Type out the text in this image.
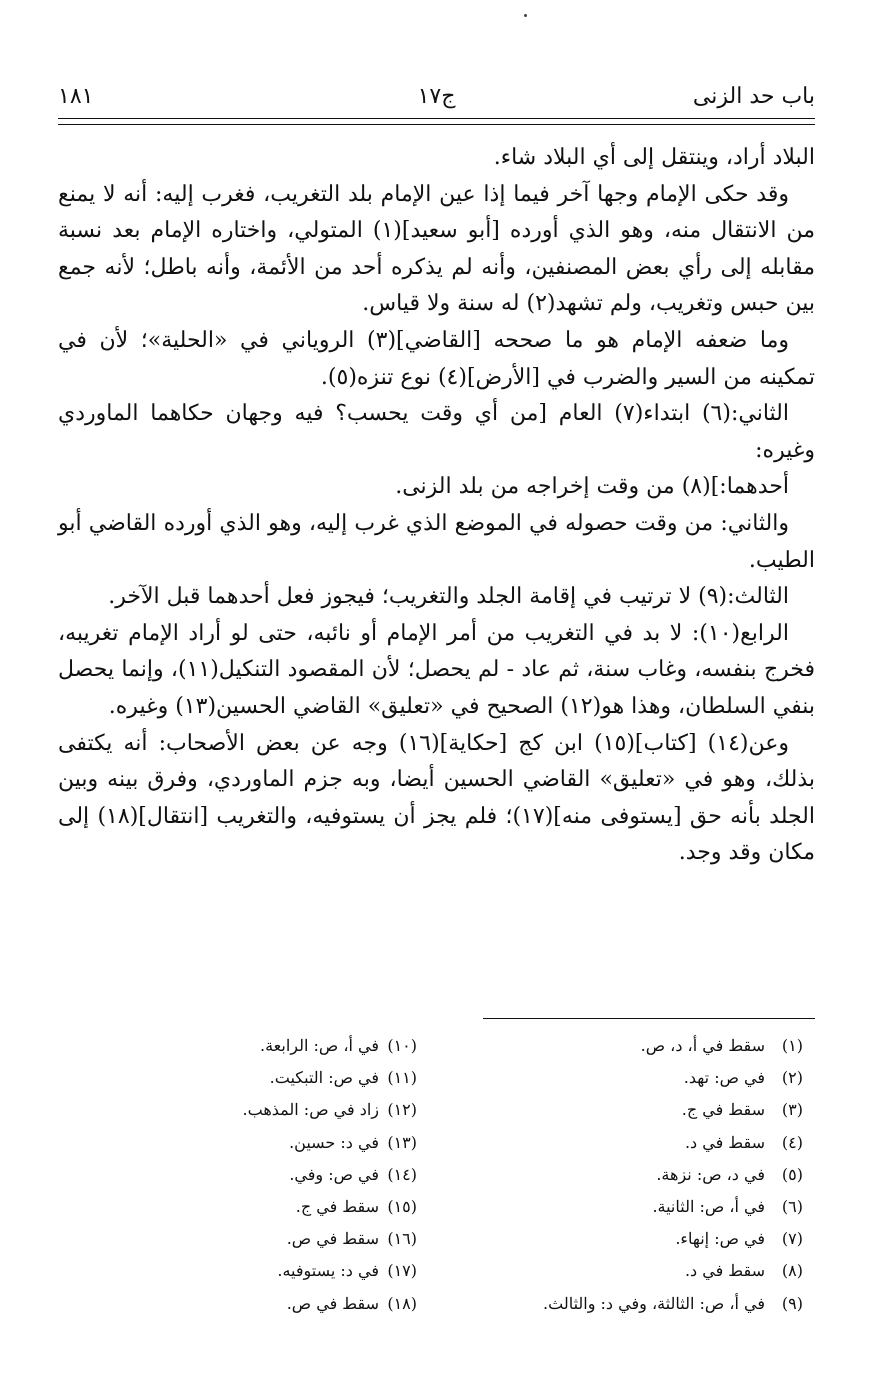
باب حد الزنى
ج١٧
١٨١

البلاد أراد، وينتقل إلى أي البلاد شاء.

وقد حكى الإمام وجها آخر فيما إذا عين الإمام بلد التغريب، فغرب إليه: أنه لا يمنع من الانتقال منه، وهو الذي أورده [أبو سعيد](١) المتولي، واختاره الإمام بعد نسبة مقابله إلى رأي بعض المصنفين، وأنه لم يذكره أحد من الأئمة، وأنه باطل؛ لأنه جمع بين حبس وتغريب، ولم تشهد(٢) له سنة ولا قياس.

وما ضعفه الإمام هو ما صححه [القاضي](٣) الروياني في «الحلية»؛ لأن في تمكينه من السير والضرب في [الأرض](٤) نوع تنزه(٥).

الثاني:(٦) ابتداء(٧) العام [من أي وقت يحسب؟ فيه وجهان حكاهما الماوردي وغيره:

أحدهما:](٨) من وقت إخراجه من بلد الزنى.

والثاني: من وقت حصوله في الموضع الذي غرب إليه، وهو الذي أورده القاضي أبو الطيب.

الثالث:(٩) لا ترتيب في إقامة الجلد والتغريب؛ فيجوز فعل أحدهما قبل الآخر.

الرابع(١٠): لا بد في التغريب من أمر الإمام أو نائبه، حتى لو أراد الإمام تغريبه، فخرج بنفسه، وغاب سنة، ثم عاد - لم يحصل؛ لأن المقصود التنكيل(١١)، وإنما يحصل بنفي السلطان، وهذا هو(١٢) الصحيح في «تعليق» القاضي الحسين(١٣) وغيره.

وعن(١٤) [كتاب](١٥) ابن كج [حكاية](١٦) وجه عن بعض الأصحاب: أنه يكتفى بذلك، وهو في «تعليق» القاضي الحسين أيضا، وبه جزم الماوردي، وفرق بينه وبين الجلد بأنه حق [يستوفى منه](١٧)؛ فلم يجز أن يستوفيه، والتغريب [انتقال](١٨) إلى مكان وقد وجد.

(١)سقط في أ، د، ص.
(٢)في ص: تهد.
(٣)سقط في ج.
(٤)سقط في د.
(٥)في د، ص: نزهة.
(٦)في أ، ص: الثانية.
(٧)في ص: إنهاء.
(٨)سقط في د.
(٩)في أ، ص: الثالثة، وفي د: والثالث.
(١٠)في أ، ص: الرابعة.
(١١)في ص: التبكيت.
(١٢)زاد في ص: المذهب.
(١٣)في د: حسين.
(١٤)في ص: وفي.
(١٥)سقط في ج.
(١٦)سقط في ص.
(١٧)في د: يستوفيه.
(١٨)سقط في ص.
